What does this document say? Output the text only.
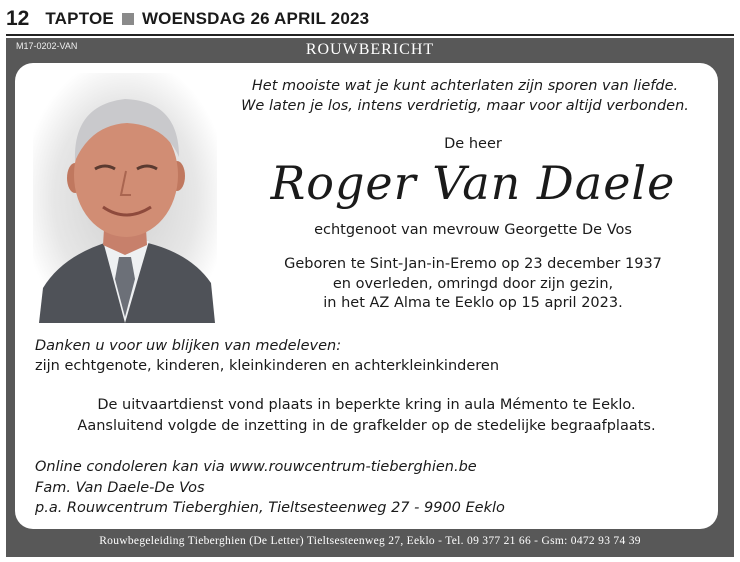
12 TAPTOE WOENSDAG 26 APRIL 2023
M17-0202-VAN	ROUWBERICHT
Het mooiste wat je kunt achterlaten zijn sporen van liefde.
We laten je los, intens verdrietig, maar voor altijd verbonden.
De heer
Roger Van Daele
echtgenoot van mevrouw Georgette De Vos
Geboren te Sint-Jan-in-Eremo op 23 december 1937
en overleden, omringd door zijn gezin,
in het AZ Alma te Eeklo op 15 april 2023.
Danken u voor uw blijken van medeleven:
zijn echtgenote, kinderen, kleinkinderen en achterkleinkinderen
De uitvaartdienst vond plaats in beperkte kring in aula Mémento te Eeklo.
Aansluitend volgde de inzetting in de grafkelder op de stedelijke begraafplaats.
Online condoleren kan via www.rouwcentrum-tieberghien.be
Fam. Van Daele-De Vos
p.a. Rouwcentrum Tieberghien, Tieltsesteenweg 27 - 9900 Eeklo
Rouwbegeleiding Tieberghien (De Letter) Tieltsesteenweg 27, Eeklo - Tel. 09 377 21 66 - Gsm: 0472 93 74 39
